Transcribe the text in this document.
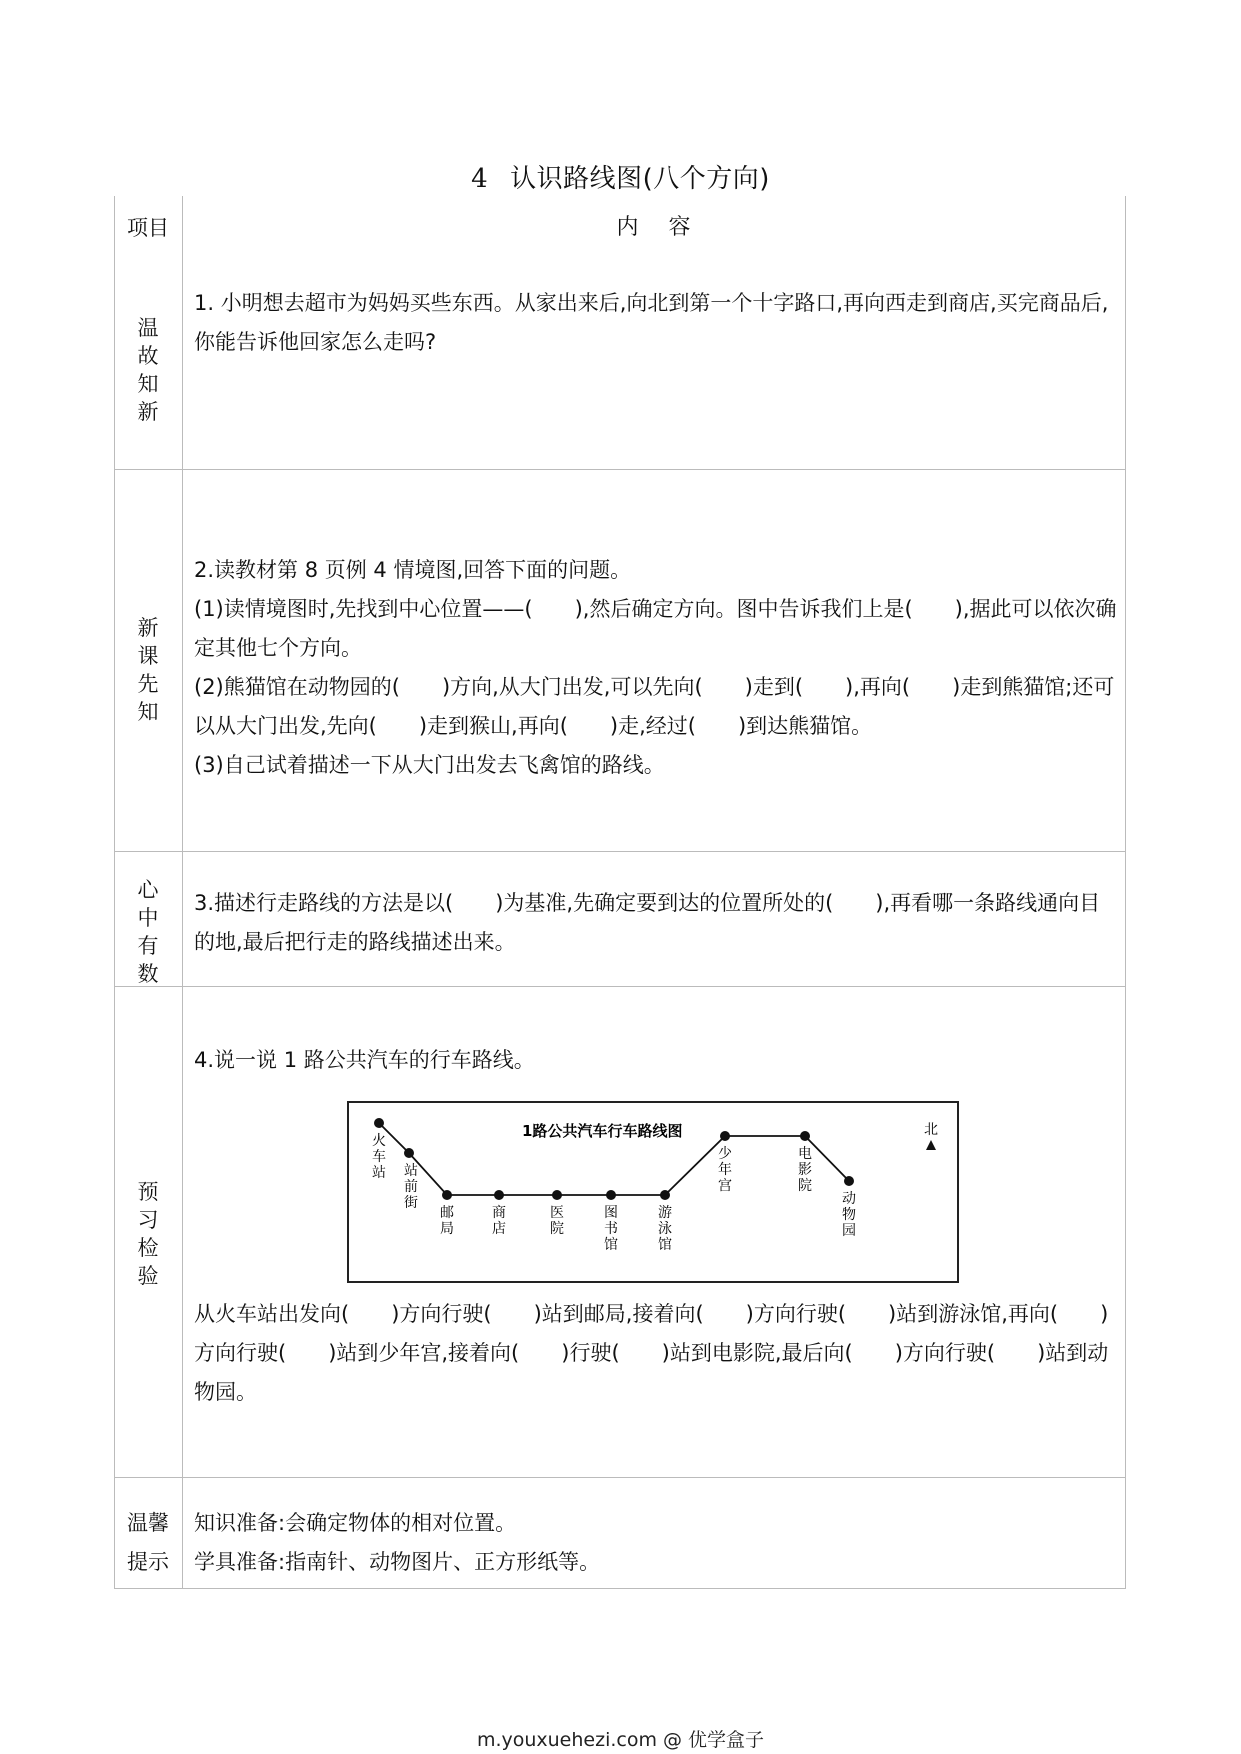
4 认识路线图(八个方向)
项目	内容
温
故
知
新

1. 小明想去超市为妈妈买些东西。从家出来后,向北到第一个十字路口,再向西走到商店,买完商品后,你能告诉他回家怎么走吗?

新
课
先
知

2.读教材第 8 页例 4 情境图,回答下面的问题。

(1)读情境图时,先找到中心位置——(　　),然后确定方向。图中告诉我们上是(　　),据此可以依次确定其他七个方向。

(2)熊猫馆在动物园的(　　)方向,从大门出发,可以先向(　　)走到(　　),再向(　　)走到熊猫馆;还可以从大门出发,先向(　　)走到猴山,再向(　　)走,经过(　　)到达熊猫馆。

(3)自己试着描述一下从大门出发去飞禽馆的路线。

心
中
有
数

3.描述行走路线的方法是以(　　)为基准,先确定要到达的位置所处的(　　),再看哪一条路线通向目的地,最后把行走的路线描述出来。

预
习
检
验
4.说一说 1 路公共汽车的行车路线。

从火车站出发向(　　)方向行驶(　　)站到邮局,接着向(　　)方向行驶(　　)站到游泳馆,再向(　　)方向行驶(　　)站到少年宫,接着向(　　)行驶(　　)站到电影院,最后向(　　)方向行驶(　　)站到动物园。

温馨
提示

知识准备:会确定物体的相对位置。

学具准备:指南针、动物图片、正方形纸等。

1路公共汽车行车路线图	北
火车站 站前街
邮局
商店
医院
图书馆
游泳馆
少年宫
电影院
动物园
m.youxuehezi.com @ 优学盒子
